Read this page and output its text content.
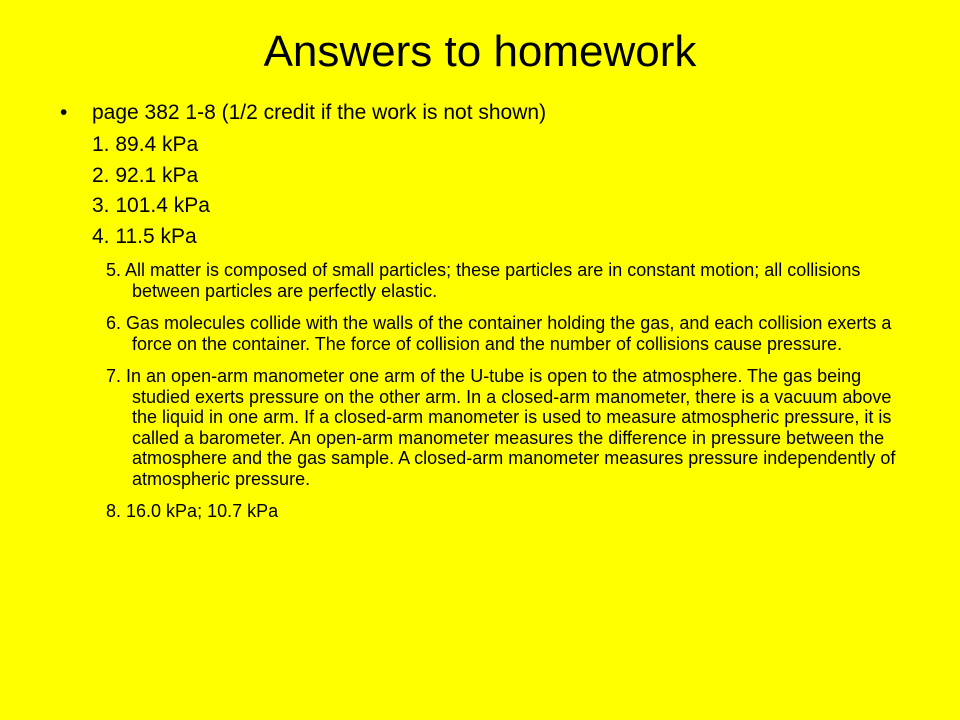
Answers to homework
• page 382 1-8 (1/2 credit if the work is not shown)
1. 89.4 kPa
2. 92.1 kPa
3. 101.4 kPa
4. 11.5 kPa
5. All matter is composed of small particles; these particles are in constant motion; all collisions between particles are perfectly elastic.
6. Gas molecules collide with the walls of the container holding the gas, and each collision exerts a force on the container. The force of collision and the number of collisions cause pressure.
7. In an open-arm manometer one arm of the U-tube is open to the atmosphere. The gas being studied exerts pressure on the other arm. In a closed-arm manometer, there is a vacuum above the liquid in one arm. If a closed-arm manometer is used to measure atmospheric pressure, it is called a barometer. An open-arm manometer measures the difference in pressure between the atmosphere and the gas sample. A closed-arm manometer measures pressure independently of atmospheric pressure.
8. 16.0 kPa; 10.7 kPa
